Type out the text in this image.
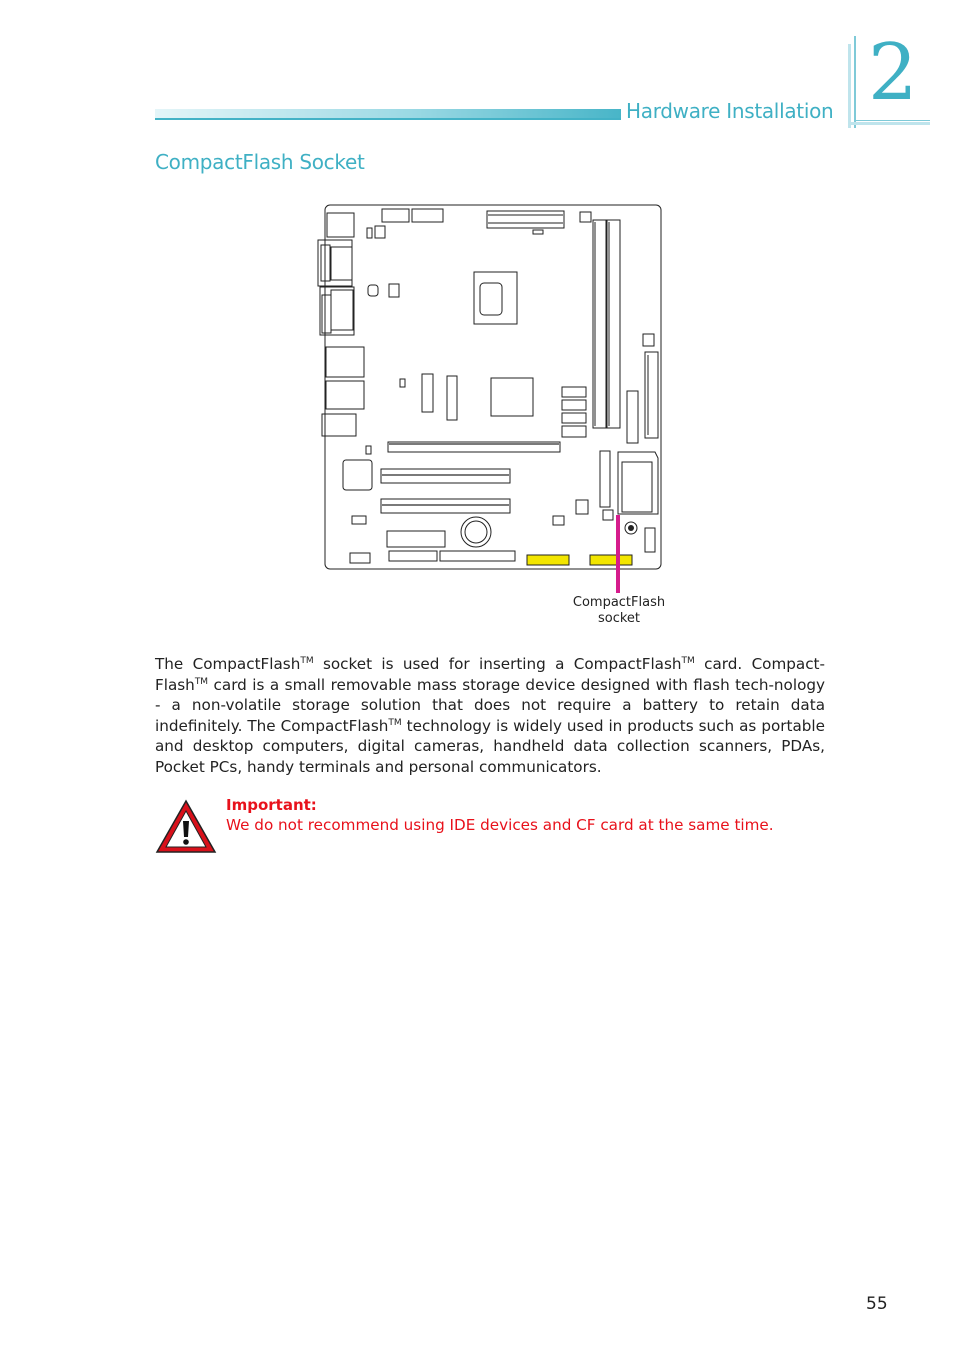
Hardware Installation 2
CompactFlash Socket
CompactFlash
socket
The CompactFlash™ socket is used for inserting a CompactFlash™ card. Compact-Flash™ card is a small removable mass storage device designed with flash tech-nology - a non-volatile storage solution that does not require a battery to retain data indefinitely. The CompactFlash™ technology is widely used in products such as portable and desktop computers, digital cameras, handheld data collection scanners, PDAs, Pocket PCs, handy terminals and personal communicators.
Important:
We do not recommend using IDE devices and CF card at the same time.
55
